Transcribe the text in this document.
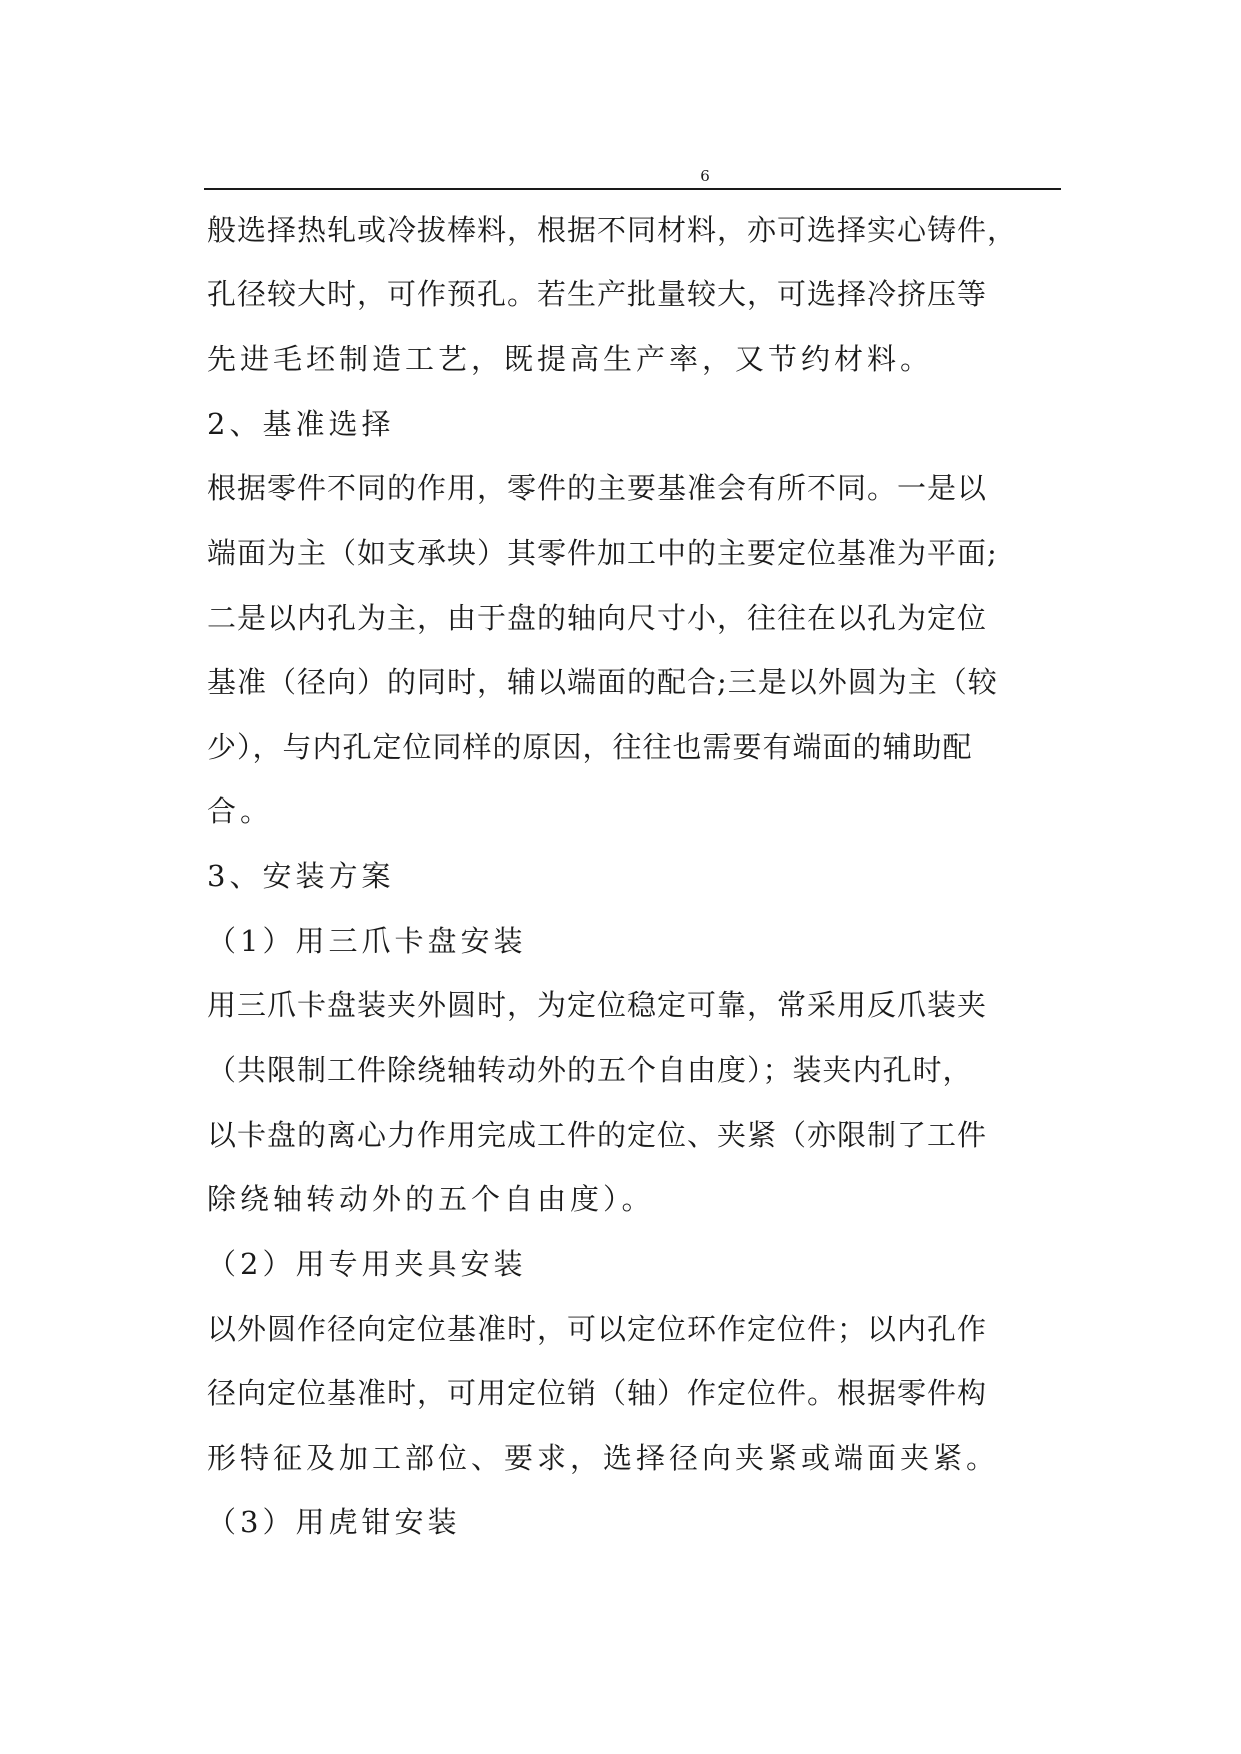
6
般选择热轧或冷拔棒料，根据不同材料，亦可选择实心铸件，
孔径较大时，可作预孔。若生产批量较大，可选择冷挤压等
先进毛坯制造工艺，既提高生产率，又节约材料。
2、基准选择
根据零件不同的作用，零件的主要基准会有所不同。一是以
端面为主（如支承块）其零件加工中的主要定位基准为平面;
二是以内孔为主，由于盘的轴向尺寸小，往往在以孔为定位
基准（径向）的同时，辅以端面的配合;三是以外圆为主（较
少），与内孔定位同样的原因，往往也需要有端面的辅助配
合。
3、安装方案
（1）用三爪卡盘安装
用三爪卡盘装夹外圆时，为定位稳定可靠，常采用反爪装夹
（共限制工件除绕轴转动外的五个自由度）；装夹内孔时，
以卡盘的离心力作用完成工件的定位、夹紧（亦限制了工件
除绕轴转动外的五个自由度）。
（2）用专用夹具安装
以外圆作径向定位基准时，可以定位环作定位件；以内孔作
径向定位基准时，可用定位销（轴）作定位件。根据零件构
形特征及加工部位、要求，选择径向夹紧或端面夹紧。
（3）用虎钳安装
